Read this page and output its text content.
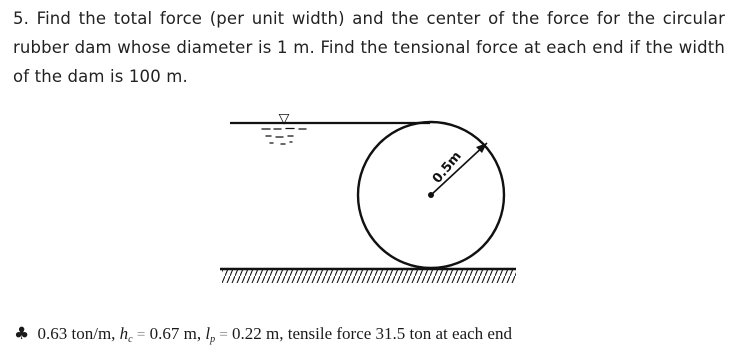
5. Find the total force (per unit width) and the center of the force for the circular rubber dam whose diameter is 1 m. Find the tensional force at each end if the width of the dam is 100 m.
▽
0.5m
♣ 0.63 ton/m, $h_c = 0.67$ m, $l_p = 0.22$ m, tensile force 31.5 ton at each end
